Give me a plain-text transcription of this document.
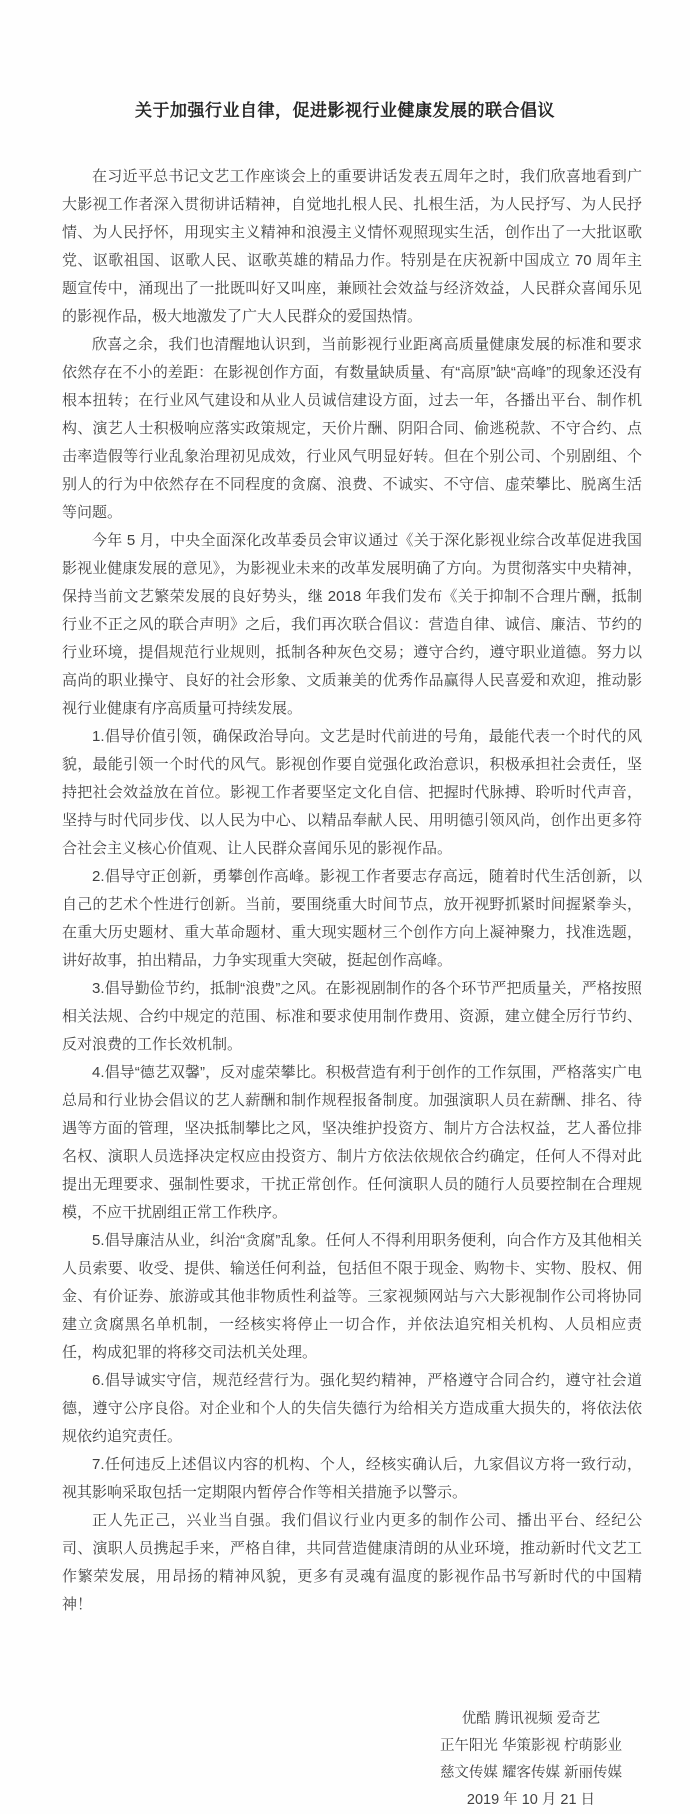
关于加强行业自律，促进影视行业健康发展的联合倡议

在习近平总书记文艺工作座谈会上的重要讲话发表五周年之时，我们欣喜地看到广大影视工作者深入贯彻讲话精神，自觉地扎根人民、扎根生活，为人民抒写、为人民抒情、为人民抒怀，用现实主义精神和浪漫主义情怀观照现实生活，创作出了一大批讴歌党、讴歌祖国、讴歌人民、讴歌英雄的精品力作。特别是在庆祝新中国成立 70 周年主题宣传中，涌现出了一批既叫好又叫座，兼顾社会效益与经济效益，人民群众喜闻乐见的影视作品，极大地激发了广大人民群众的爱国热情。

欣喜之余，我们也清醒地认识到，当前影视行业距离高质量健康发展的标准和要求依然存在不小的差距：在影视创作方面，有数量缺质量、有“高原”缺“高峰”的现象还没有根本扭转；在行业风气建设和从业人员诚信建设方面，过去一年，各播出平台、制作机构、演艺人士积极响应落实政策规定，天价片酬、阴阳合同、偷逃税款、不守合约、点击率造假等行业乱象治理初见成效，行业风气明显好转。但在个别公司、个别剧组、个别人的行为中依然存在不同程度的贪腐、浪费、不诚实、不守信、虚荣攀比、脱离生活等问题。

今年 5 月，中央全面深化改革委员会审议通过《关于深化影视业综合改革促进我国影视业健康发展的意见》，为影视业未来的改革发展明确了方向。为贯彻落实中央精神，保持当前文艺繁荣发展的良好势头，继 2018 年我们发布《关于抑制不合理片酬，抵制行业不正之风的联合声明》之后，我们再次联合倡议：营造自律、诚信、廉洁、节约的行业环境，提倡规范行业规则，抵制各种灰色交易；遵守合约，遵守职业道德。努力以高尚的职业操守、良好的社会形象、文质兼美的优秀作品赢得人民喜爱和欢迎，推动影视行业健康有序高质量可持续发展。

1.倡导价值引领，确保政治导向。文艺是时代前进的号角，最能代表一个时代的风貌，最能引领一个时代的风气。影视创作要自觉强化政治意识，积极承担社会责任，坚持把社会效益放在首位。影视工作者要坚定文化自信、把握时代脉搏、聆听时代声音，坚持与时代同步伐、以人民为中心、以精品奉献人民、用明德引领风尚，创作出更多符合社会主义核心价值观、让人民群众喜闻乐见的影视作品。

2.倡导守正创新，勇攀创作高峰。影视工作者要志存高远，随着时代生活创新，以自己的艺术个性进行创新。当前，要围绕重大时间节点，放开视野抓紧时间握紧拳头，在重大历史题材、重大革命题材、重大现实题材三个创作方向上凝神聚力，找准选题，讲好故事，拍出精品，力争实现重大突破，挺起创作高峰。

3.倡导勤俭节约，抵制“浪费”之风。在影视剧制作的各个环节严把质量关，严格按照相关法规、合约中规定的范围、标准和要求使用制作费用、资源，建立健全厉行节约、反对浪费的工作长效机制。

4.倡导“德艺双馨”，反对虚荣攀比。积极营造有利于创作的工作氛围，严格落实广电总局和行业协会倡议的艺人薪酬和制作规程报备制度。加强演职人员在薪酬、排名、待遇等方面的管理，坚决抵制攀比之风，坚决维护投资方、制片方合法权益，艺人番位排名权、演职人员选择决定权应由投资方、制片方依法依规依合约确定，任何人不得对此提出无理要求、强制性要求，干扰正常创作。任何演职人员的随行人员要控制在合理规模，不应干扰剧组正常工作秩序。

5.倡导廉洁从业，纠治“贪腐”乱象。任何人不得利用职务便利，向合作方及其他相关人员索要、收受、提供、输送任何利益，包括但不限于现金、购物卡、实物、股权、佣金、有价证券、旅游或其他非物质性利益等。三家视频网站与六大影视制作公司将协同建立贪腐黑名单机制，一经核实将停止一切合作，并依法追究相关机构、人员相应责任，构成犯罪的将移交司法机关处理。

6.倡导诚实守信，规范经营行为。强化契约精神，严格遵守合同合约，遵守社会道德，遵守公序良俗。对企业和个人的失信失德行为给相关方造成重大损失的，将依法依规依约追究责任。

7.任何违反上述倡议内容的机构、个人，经核实确认后，九家倡议方将一致行动，视其影响采取包括一定期限内暂停合作等相关措施予以警示。

正人先正己，兴业当自强。我们倡议行业内更多的制作公司、播出平台、经纪公司、演职人员携起手来，严格自律，共同营造健康清朗的从业环境，推动新时代文艺工作繁荣发展，用昂扬的精神风貌，更多有灵魂有温度的影视作品书写新时代的中国精神！

优酷 腾讯视频 爱奇艺
正午阳光 华策影视 柠萌影业
慈文传媒 耀客传媒 新丽传媒
2019 年 10 月 21 日
